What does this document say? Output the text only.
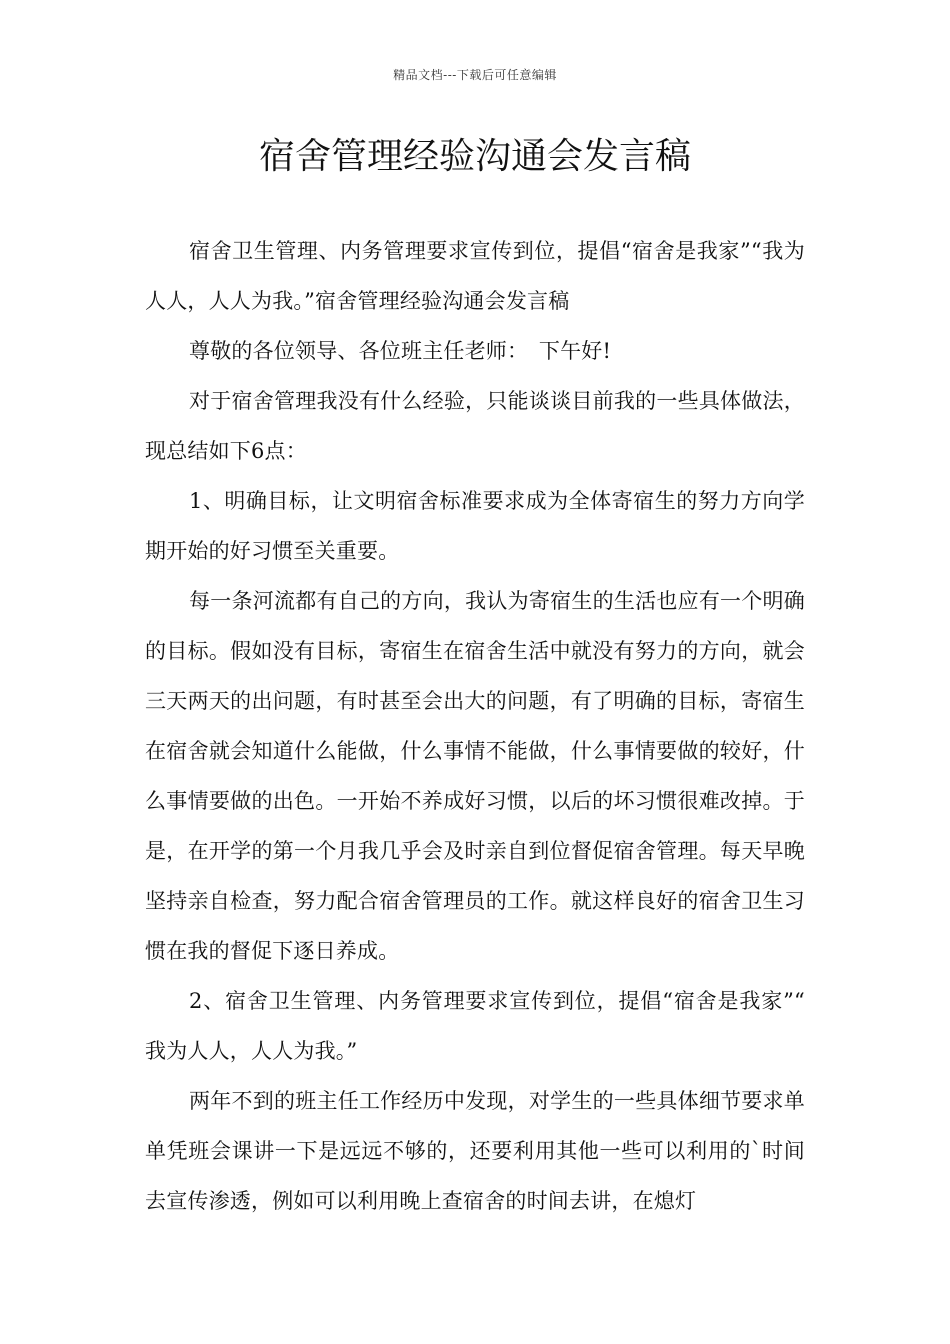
精品文档---下载后可任意编辑
宿舍管理经验沟通会发言稿

宿舍卫生管理、内务管理要求宣传到位，提倡“宿舍是我家”“我为人人，人人为我。”宿舍管理经验沟通会发言稿

尊敬的各位领导、各位班主任老师：　下午好!

对于宿舍管理我没有什么经验，只能谈谈目前我的一些具体做法，现总结如下6点：

1、明确目标，让文明宿舍标准要求成为全体寄宿生的努力方向学期开始的好习惯至关重要。

每一条河流都有自己的方向，我认为寄宿生的生活也应有一个明确的目标。假如没有目标，寄宿生在宿舍生活中就没有努力的方向，就会三天两天的出问题，有时甚至会出大的问题，有了明确的目标，寄宿生在宿舍就会知道什么能做，什么事情不能做，什么事情要做的较好，什么事情要做的出色。一开始不养成好习惯，以后的坏习惯很难改掉。于是，在开学的第一个月我几乎会及时亲自到位督促宿舍管理。每天早晚坚持亲自检查，努力配合宿舍管理员的工作。就这样良好的宿舍卫生习惯在我的督促下逐日养成。

2、宿舍卫生管理、内务管理要求宣传到位，提倡“宿舍是我家”“ 我为人人，人人为我。”

两年不到的班主任工作经历中发现，对学生的一些具体细节要求单单凭班会课讲一下是远远不够的，还要利用其他一些可以利用的`时间去宣传渗透，例如可以利用晚上查宿舍的时间去讲，在熄灯
